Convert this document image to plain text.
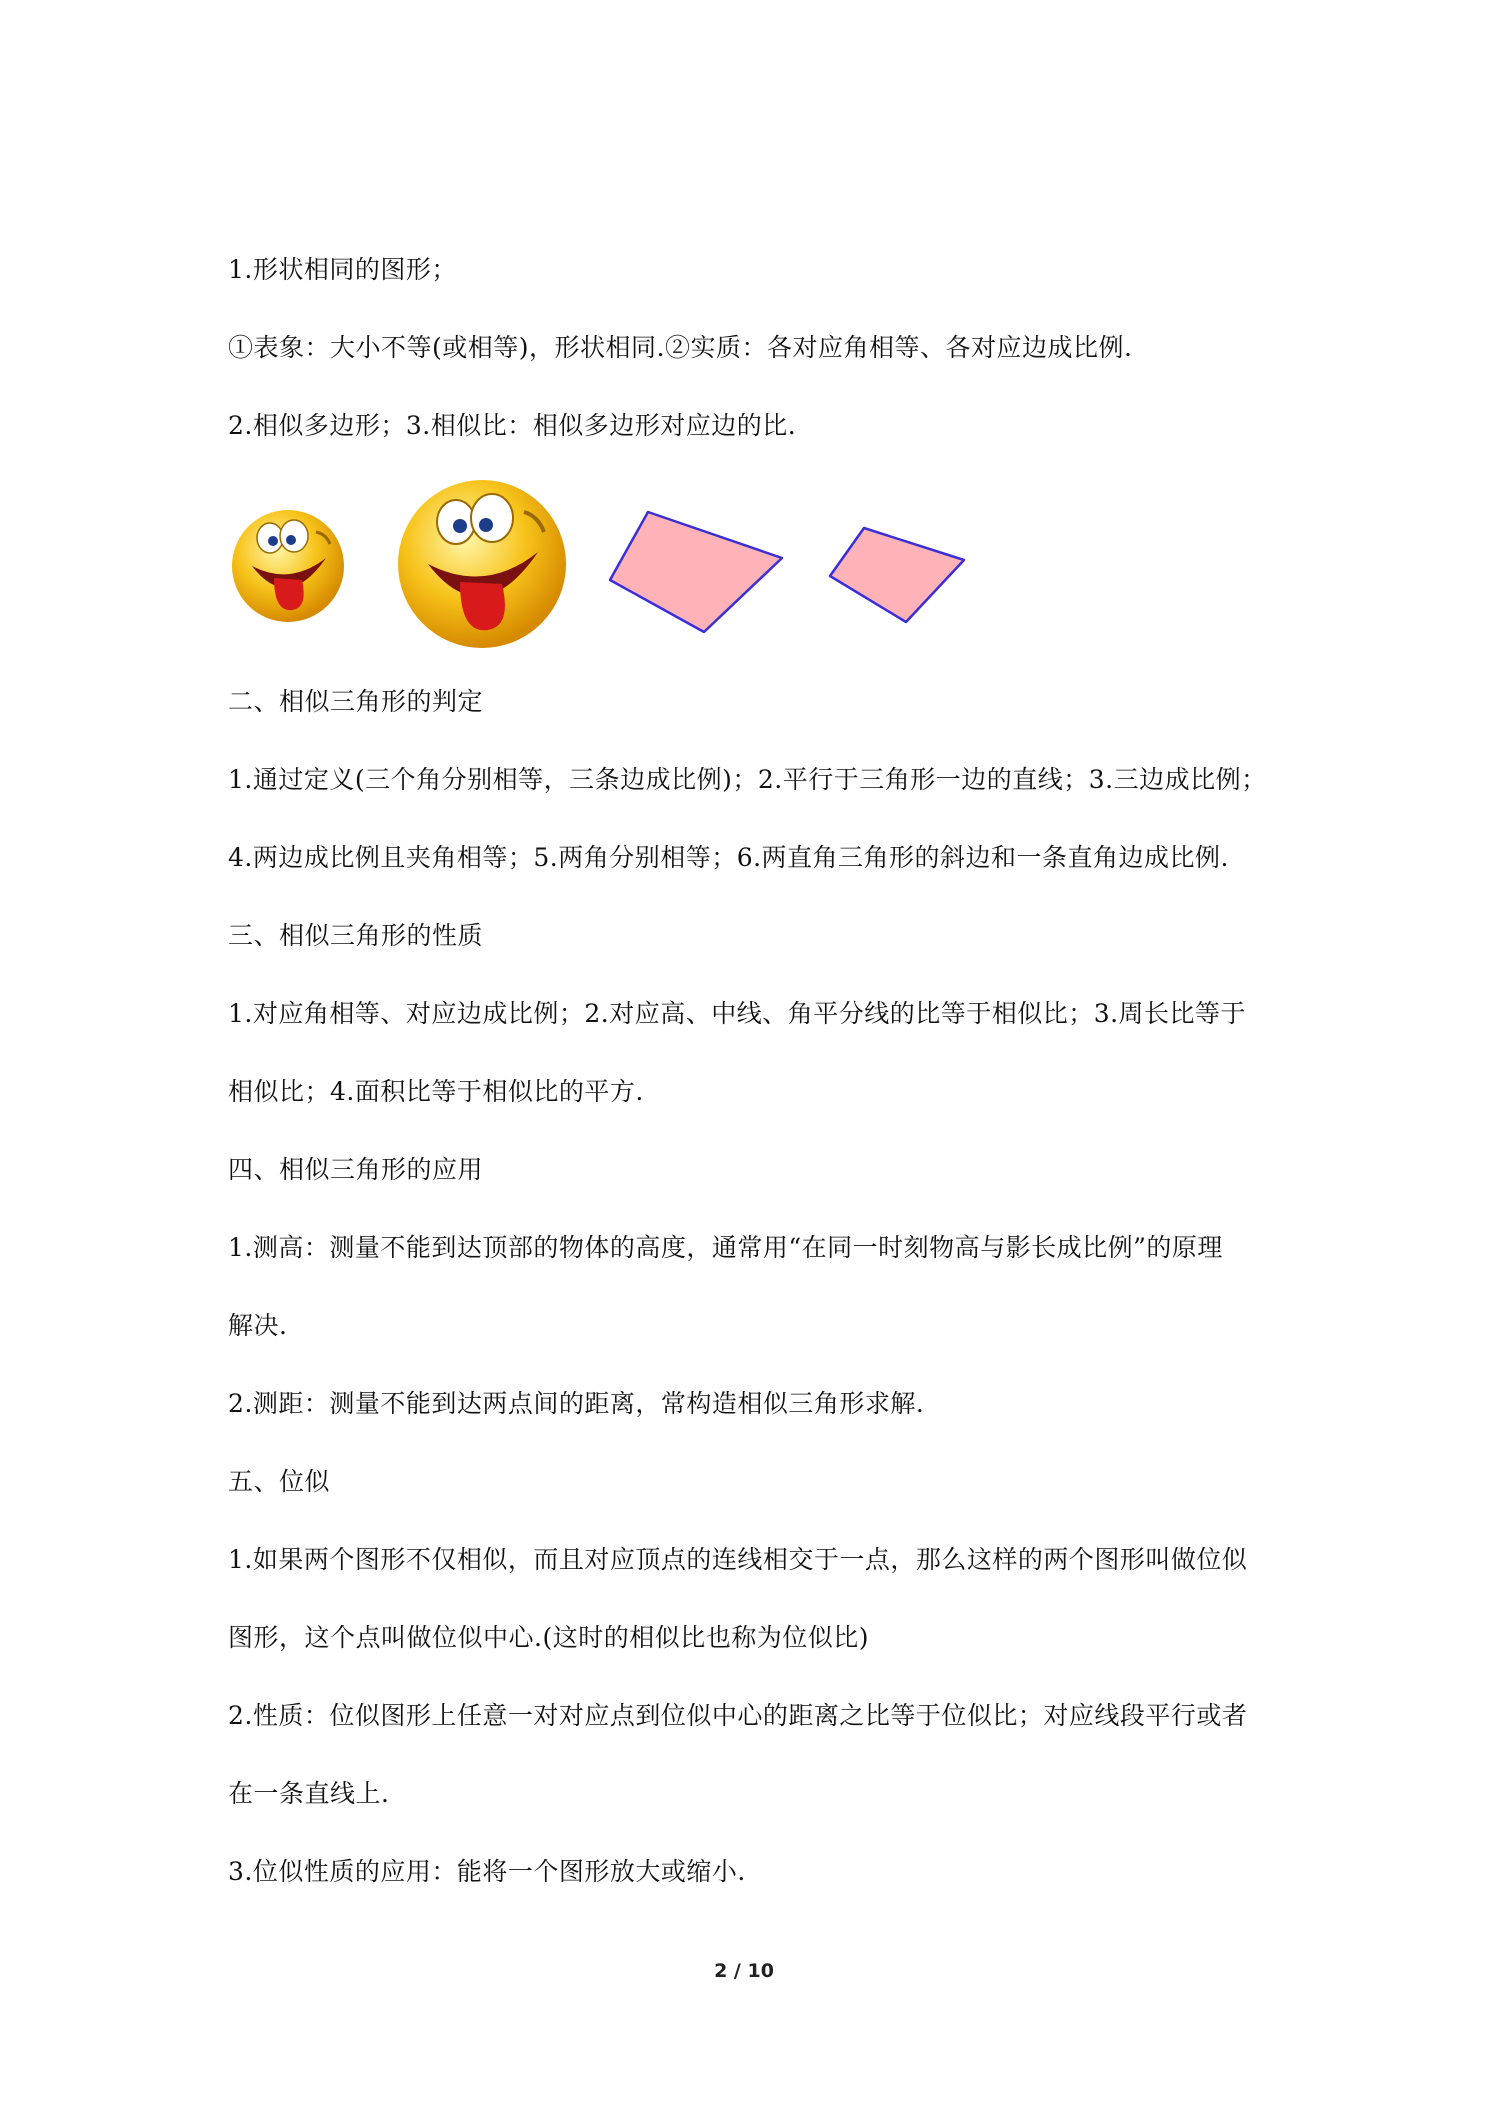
1.形状相同的图形；
①表象：大小不等(或相等)，形状相同.②实质：各对应角相等、各对应边成比例.
2.相似多边形；3.相似比：相似多边形对应边的比.
二、相似三角形的判定
1.通过定义(三个角分别相等，三条边成比例)；2.平行于三角形一边的直线；3.三边成比例；
4.两边成比例且夹角相等；5.两角分别相等；6.两直角三角形的斜边和一条直角边成比例.
三、相似三角形的性质
1.对应角相等、对应边成比例；2.对应高、中线、角平分线的比等于相似比；3.周长比等于
相似比；4.面积比等于相似比的平方.
四、相似三角形的应用
1.测高：测量不能到达顶部的物体的高度，通常用“在同一时刻物高与影长成比例”的原理
解决.
2.测距：测量不能到达两点间的距离，常构造相似三角形求解.
五、位似
1.如果两个图形不仅相似，而且对应顶点的连线相交于一点，那么这样的两个图形叫做位似
图形，这个点叫做位似中心.(这时的相似比也称为位似比)
2.性质：位似图形上任意一对对应点到位似中心的距离之比等于位似比；对应线段平行或者
在一条直线上.
3.位似性质的应用：能将一个图形放大或缩小.
2 / 10
